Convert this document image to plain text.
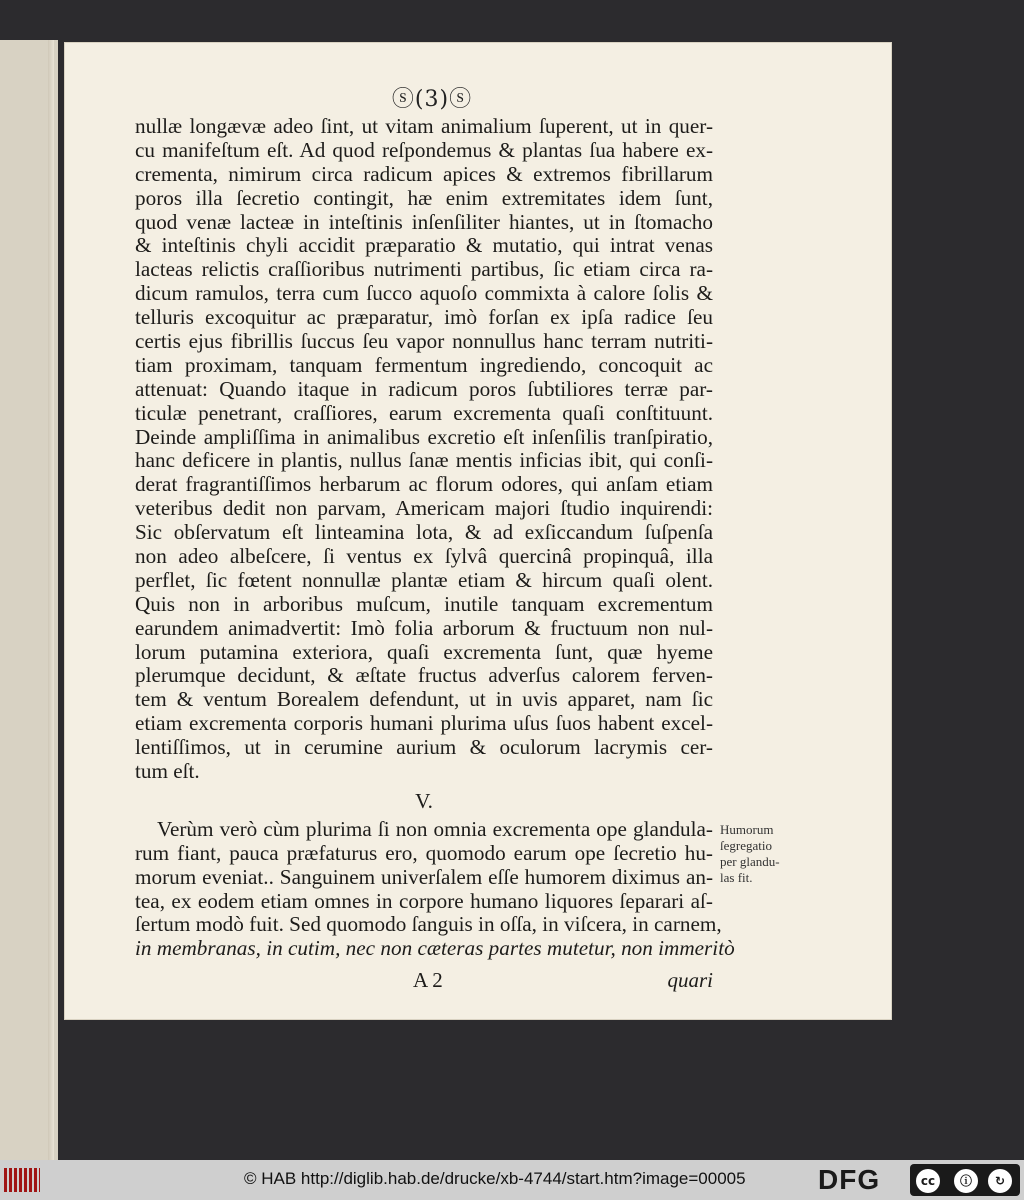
ⓢ(3)ⓢ
nullæ longævæ adeo ſint, ut vitam animalium ſuperent, ut in quer-
cu manifeſtum eſt. Ad quod reſpondemus & plantas ſua habere ex-
crementa, nimirum circa radicum apices & extremos fibrillarum
poros illa ſecretio contingit, hæ enim extremitates idem ſunt,
quod venæ lacteæ in inteſtinis inſenſiliter hiantes, ut in ſtomacho
& inteſtinis chyli accidit præparatio & mutatio, qui intrat venas
lacteas relictis craſſioribus nutrimenti partibus, ſic etiam circa ra-
dicum ramulos, terra cum ſucco aquoſo commixta à calore ſolis &
telluris excoquitur ac præparatur, imò forſan ex ipſa radice ſeu
certis ejus fibrillis ſuccus ſeu vapor nonnullus hanc terram nutriti-
tiam proximam, tanquam fermentum ingrediendo, concoquit ac
attenuat: Quando itaque in radicum poros ſubtiliores terræ par-
ticulæ penetrant, craſſiores, earum excrementa quaſi conſtituunt.
Deinde ampliſſima in animalibus excretio eſt inſenſilis tranſpiratio,
hanc deficere in plantis, nullus ſanæ mentis inficias ibit, qui conſi-
derat fragrantiſſimos herbarum ac florum odores, qui anſam etiam
veteribus dedit non parvam, Americam majori ſtudio inquirendi:
Sic obſervatum eſt linteamina lota, & ad exſiccandum ſuſpenſa
non adeo albeſcere, ſi ventus ex ſylvâ quercinâ propinquâ, illa
perflet, ſic fœtent nonnullæ plantæ etiam & hircum quaſi olent.
Quis non in arboribus muſcum, inutile tanquam excrementum
earundem animadvertit: Imò folia arborum & fructuum non nul-
lorum putamina exteriora, quaſi excrementa ſunt, quæ hyeme
plerumque decidunt, & æſtate fructus adverſus calorem ferven-
tem & ventum Borealem defendunt, ut in uvis apparet, nam ſic
etiam excrementa corporis humani plurima uſus ſuos habent excel-
lentiſſimos, ut in cerumine aurium & oculorum lacrymis cer-
tum eſt.
V.
Verùm verò cùm plurima ſi non omnia excrementa ope glandula-
rum fiant, pauca præfaturus ero, quomodo earum ope ſecretio hu-
morum eveniat.. Sanguinem univerſalem eſſe humorem diximus an-
tea, ex eodem etiam omnes in corpore humano liquores ſeparari aſ-
ſertum modò fuit. Sed quomodo ſanguis in oſſa, in viſcera, in carnem,
in membranas, in cutim, nec non cæteras partes mutetur, non immeritò
Humorum
ſegregatio
per glandu-
las fit.
A 2	quari
© HAB http://diglib.hab.de/drucke/xb-4744/start.htm?image=00005	DFG	cc	ⓘ	↻
